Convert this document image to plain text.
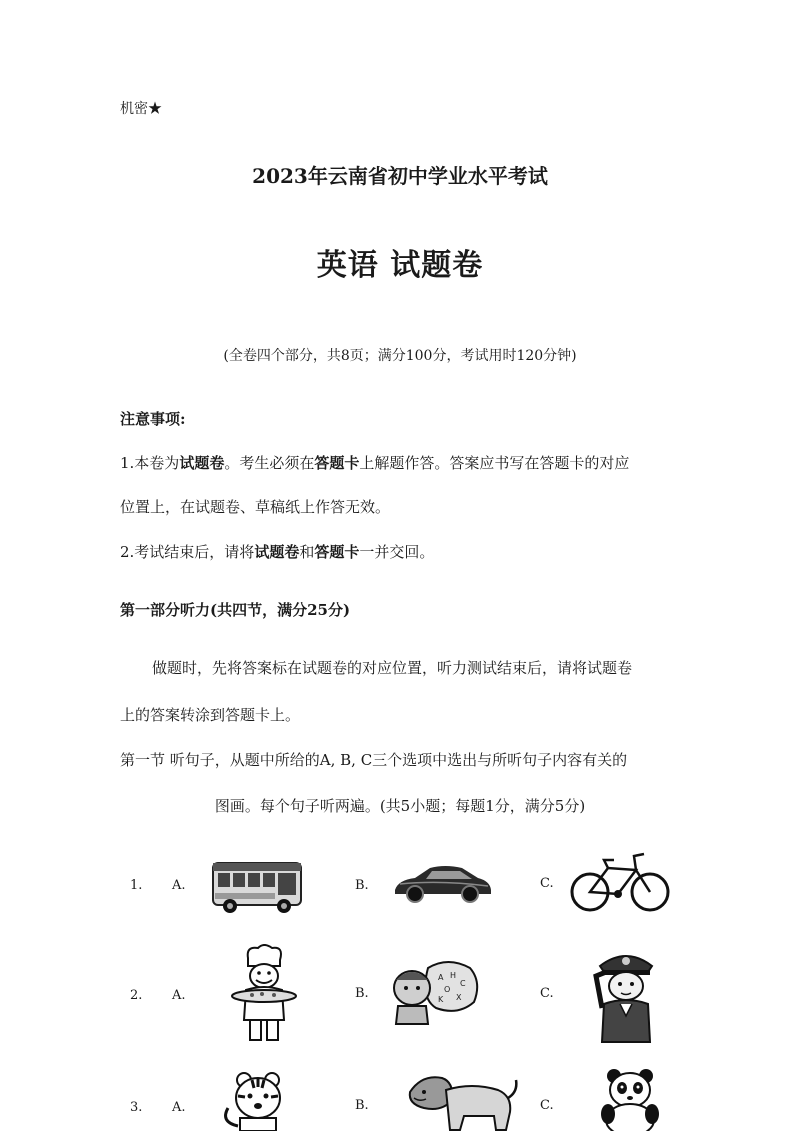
机密★
2023年云南省初中学业水平考试
英语 试题卷
(全卷四个部分，共8页；满分100分，考试用时120分钟)
注意事项:
1.本卷为试题卷。考生必须在答题卡上解题作答。答案应书写在答题卡的对应
位置上，在试题卷、草稿纸上作答无效。
2.考试结束后，请将试题卷和答题卡一并交回。
第一部分听力(共四节，满分25分)
做题时，先将答案标在试题卷的对应位置，听力测试结束后，请将试题卷
上的答案转涂到答题卡上。
第一节 听句子，从题中所给的A, B, C三个选项中选出与所听句子内容有关的
图画。每个句子听两遍。(共5小题；每题1分，满分5分)
1. A.	B.	C.
2. A.	B.	C.
A H
C
O
X
K
3. A.	B.	C.
